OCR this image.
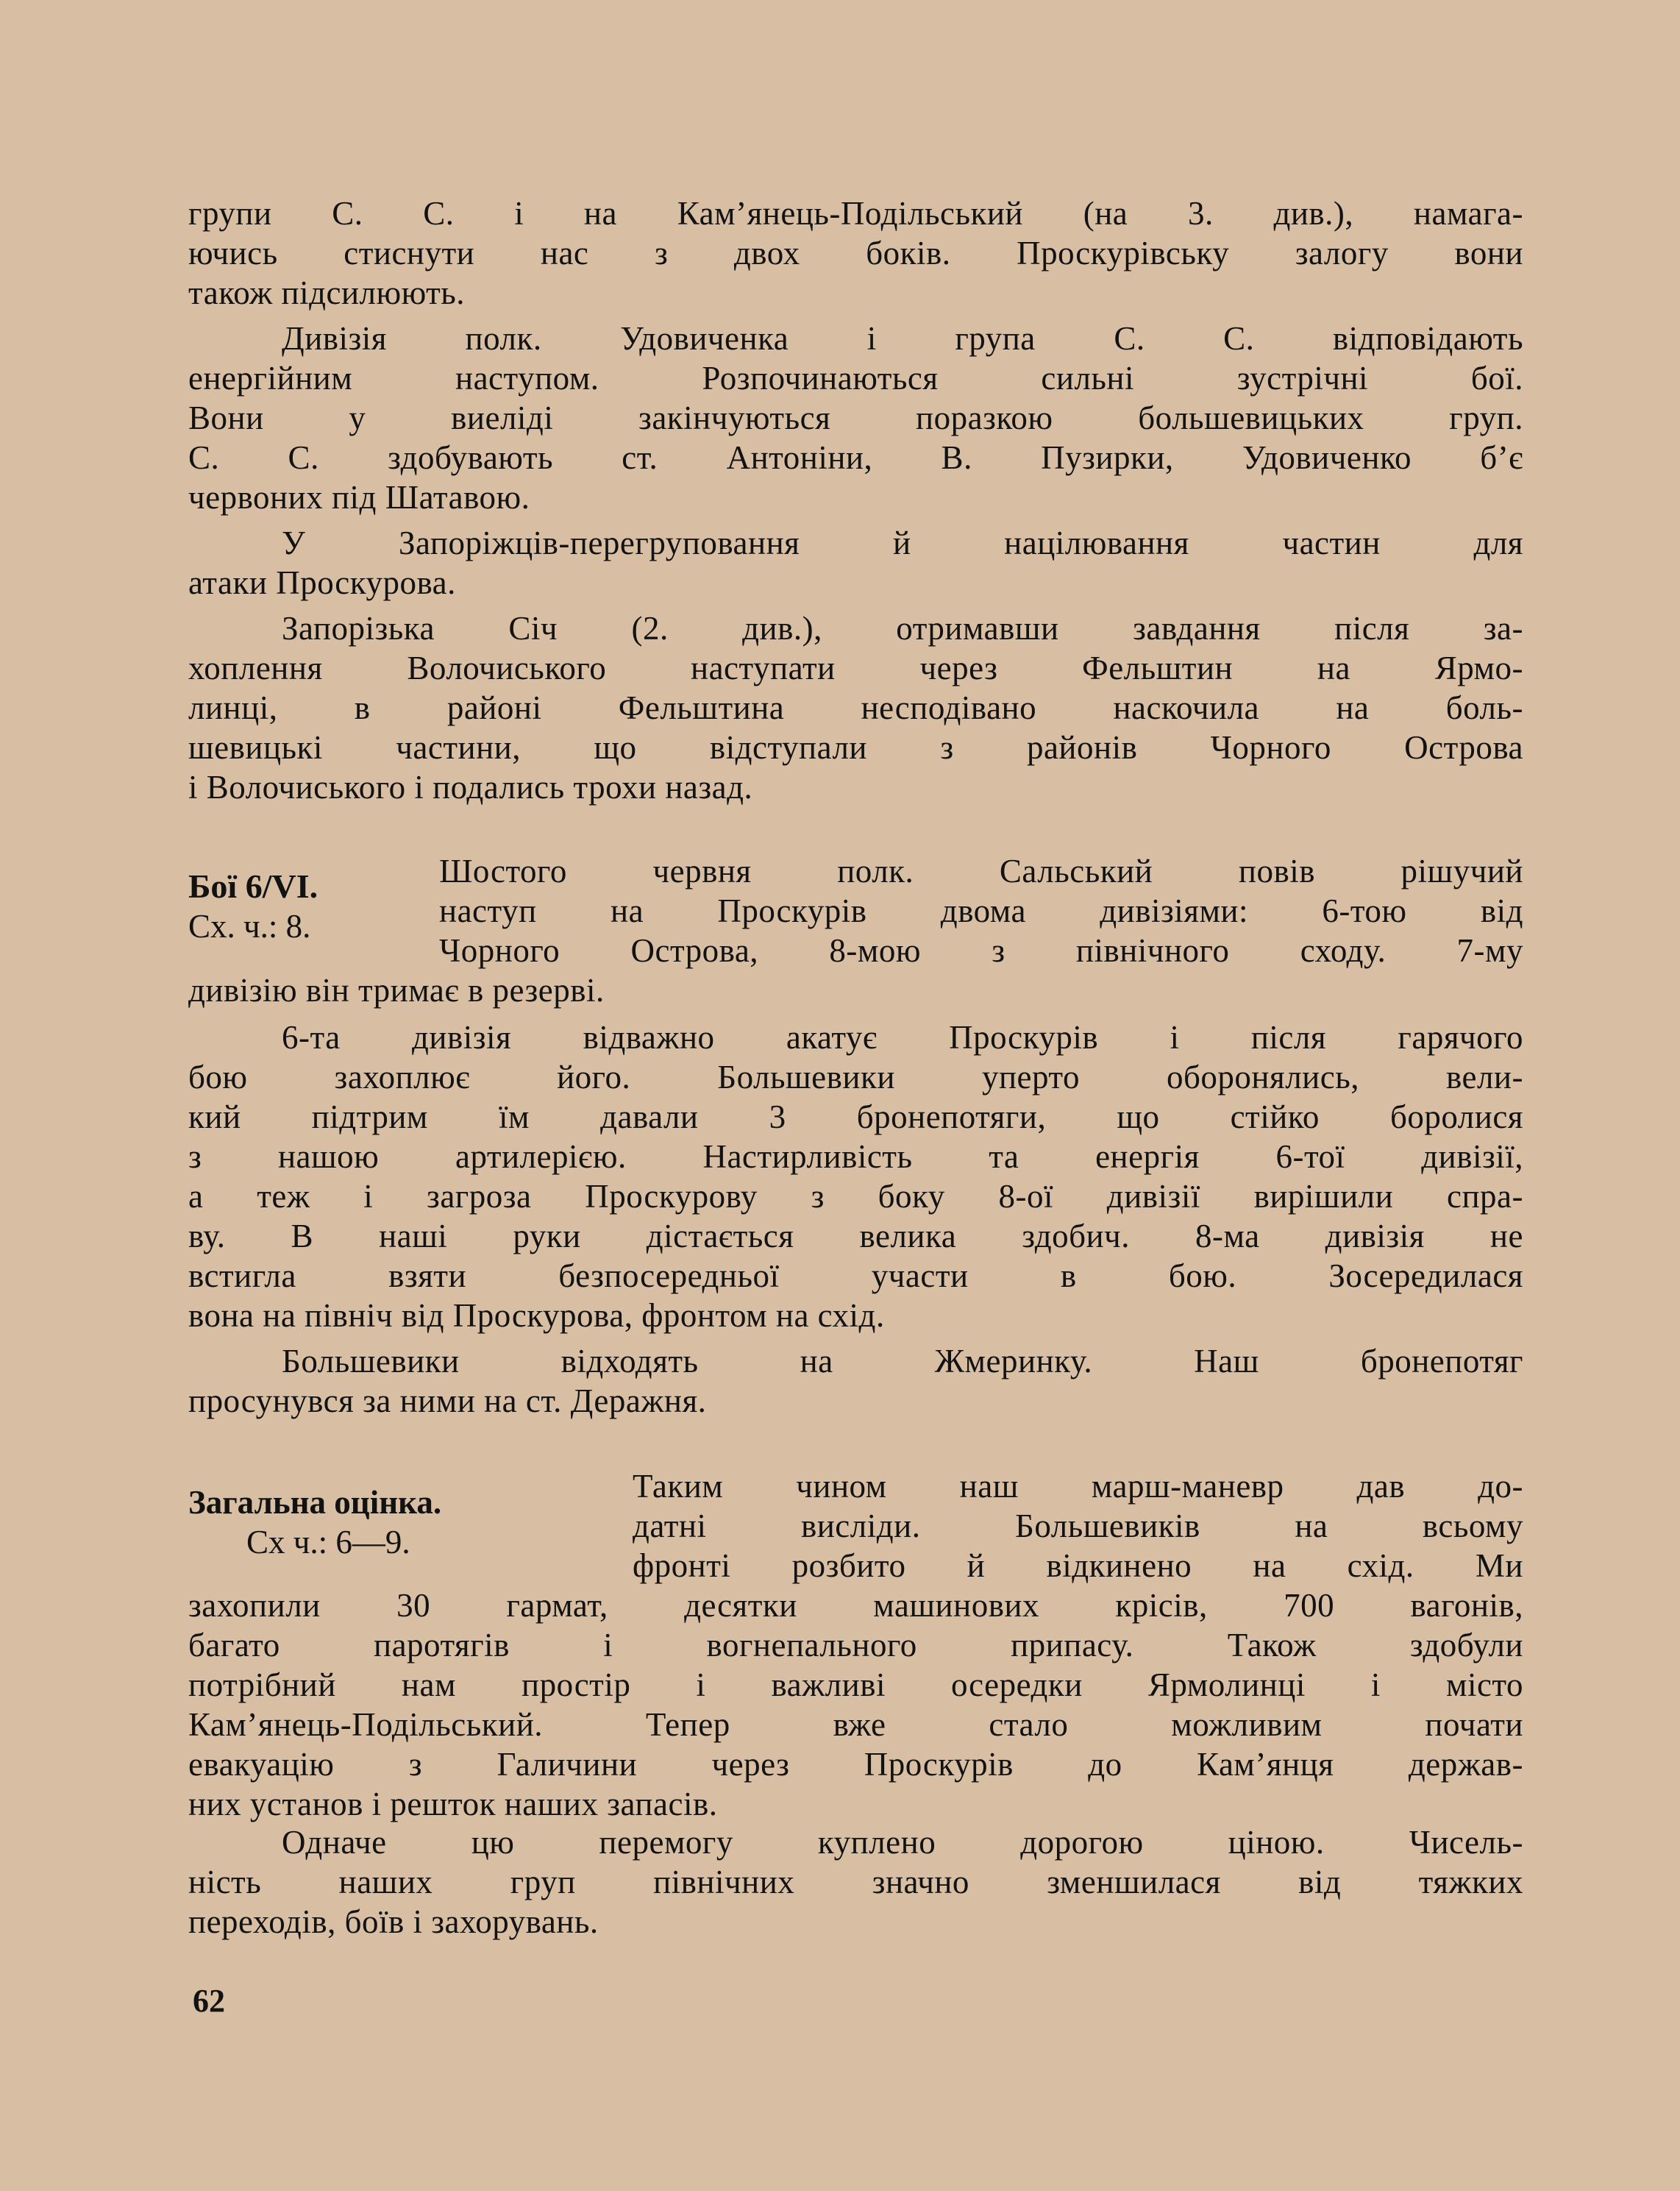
групи С. С. і на Кам’янець-Подільський (на 3. див.), намага-
ючись стиснути нас з двох боків. Проскурівську залогу вони
також підсилюють.
Дивізія полк. Удовиченка і група С. С. відповідають
енергійним наступом. Розпочинаються сильні зустрічні бої.
Вони у виеліді закінчуються поразкою большевицьких груп.
С. С. здобувають ст. Антоніни, В. Пузирки, Удовиченко б’є
червоних під Шатавою.
У Запоріжців-перегруповання й націлювання частин для
атаки Проскурова.
Запорізька Січ (2. див.), отримавши завдання після за-
хоплення Волочиського наступати через Фельштин на Ярмо-
линці, в районі Фельштина несподівано наскочила на боль-
шевицькі частини, що відступали з районів Чорного Острова
і Волочиського і подались трохи назад.
Бої 6/VI.
Сх. ч.: 8.
Шостого червня полк. Сальський повів рішучий
наступ на Проскурів двома дивізіями: 6-тою від
Чорного Острова, 8-мою з північного сходу. 7-му
дивізію він тримає в резерві.
6-та дивізія відважно акатує Проскурів і після гарячого
бою захоплює його. Большевики уперто оборонялись, вели-
кий підтрим їм давали 3 бронепотяги, що стійко боролися
з нашою артилерією. Настирливість та енергія 6-тої дивізії,
а теж і загроза Проскурову з боку 8-ої дивізії вирішили спра-
ву. В наші руки дістається велика здобич. 8-ма дивізія не
встигла взяти безпосередньої участи в бою. Зосередилася
вона на північ від Проскурова, фронтом на схід.
Большевики відходять на Жмеринку. Наш бронепотяг
просунувся за ними на ст. Деражня.
Загальна оцінка.
Сх ч.: 6—9.
Таким чином наш марш-маневр дав до-
датні висліди. Большевиків на всьому
фронті розбито й відкинено на схід. Ми
захопили 30 гармат, десятки машинових крісів, 700 вагонів,
багато паротягів і вогнепального припасу. Також здобули
потрібний нам простір і важливі осередки Ярмолинці і місто
Кам’янець-Подільський. Тепер вже стало можливим почати
евакуацію з Галичини через Проскурів до Кам’янця держав-
них установ і решток наших запасів.
Одначе цю перемогу куплено дорогою ціною. Чисель-
ність наших груп північних значно зменшилася від тяжких
переходів, боїв і захорувань.
62
